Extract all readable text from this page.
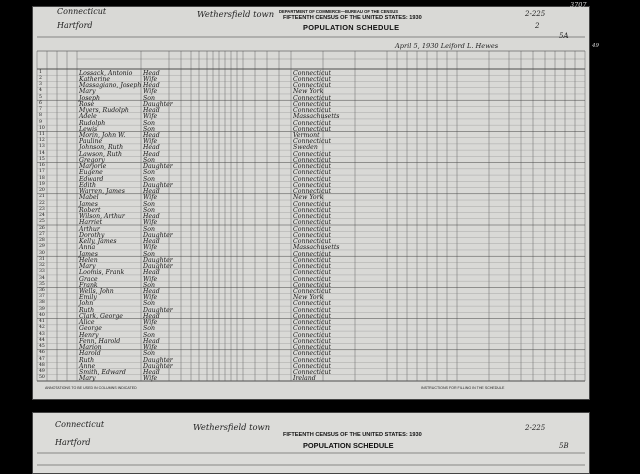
DEPARTMENT OF COMMERCE—BUREAU OF THE CENSUS
FIFTEENTH CENSUS OF THE UNITED STATES: 1930
POPULATION SCHEDULE
Connecticut
Hartford
Wethersfield town	2-225
2
5A
April 5, 1930 Leiford L. Hewes
1	Lossack, Antonio Head	Connecticut
2	Katherine	Wife	Connecticut
3	Massagiano, Joseph Head	Connecticut
4	Mary	Wife	New York
5	Joseph	Son	Connecticut
6	Rose	Daughter	Connecticut
7	Myers, Rudolph Head	Connecticut
8	Adele	Wife	Massachusetts
9	Rudolph	Son	Connecticut
10	Lewis	Son	Connecticut
11	Morin, John W.	Head	Vermont
12	Pauline	Wife	Connecticut
13	Johnson, Ruth	Head	Sweden
14	Lawson, Ruth	Head	Connecticut
15	Gregory	Son	Connecticut
16	Marjorie	Daughter	Connecticut
17	Eugene	Son	Connecticut
18	Edward	Son	Connecticut
19	Edith	Daughter	Connecticut
20	Warren, James	Head	Connecticut
21	Mabel	Wife	New York
22	James	Son	Connecticut
23	Robert	Son	Connecticut
24	Wilson, Arthur	Head	Connecticut
25	Harriet	Wife	Connecticut
26	Arthur	Son	Connecticut
27	Dorothy	Daughter	Connecticut
28	Kelly, James	Head	Connecticut
29	Anna	Wife	Massachusetts
30	James	Son	Connecticut
31	Helen	Daughter	Connecticut
32	Mary	Daughter	Connecticut
33	Loomis, Frank	Head	Connecticut
34	Grace	Wife	Connecticut
35	Frank	Son	Connecticut
36	Wells, John	Head	Connecticut
37	Emily	Wife	New York
38	John	Son	Connecticut
39	Ruth	Daughter	Connecticut
40	Clark, George	Head	Connecticut
41	Alice	Wife	Connecticut
42	George	Son	Connecticut
43	Henry	Son	Connecticut
44	Fenn, Harold	Head	Connecticut
45	Marion	Wife	Connecticut
46	Harold	Son	Connecticut
47	Ruth	Daughter	Connecticut
48	Anne	Daughter	Connecticut
49	Smith, Edward	Head	Connecticut
50	Mary	Wife	Ireland
ANNOTATIONS TO BE USED IN COLUMNS INDICATED	INSTRUCTIONS FOR FILLING IN THE SCHEDULE
3707
49
Connecticut
Hartford
Wethersfield town
FIFTEENTH CENSUS OF THE UNITED STATES: 1930
POPULATION SCHEDULE
2-225
5B
3708
